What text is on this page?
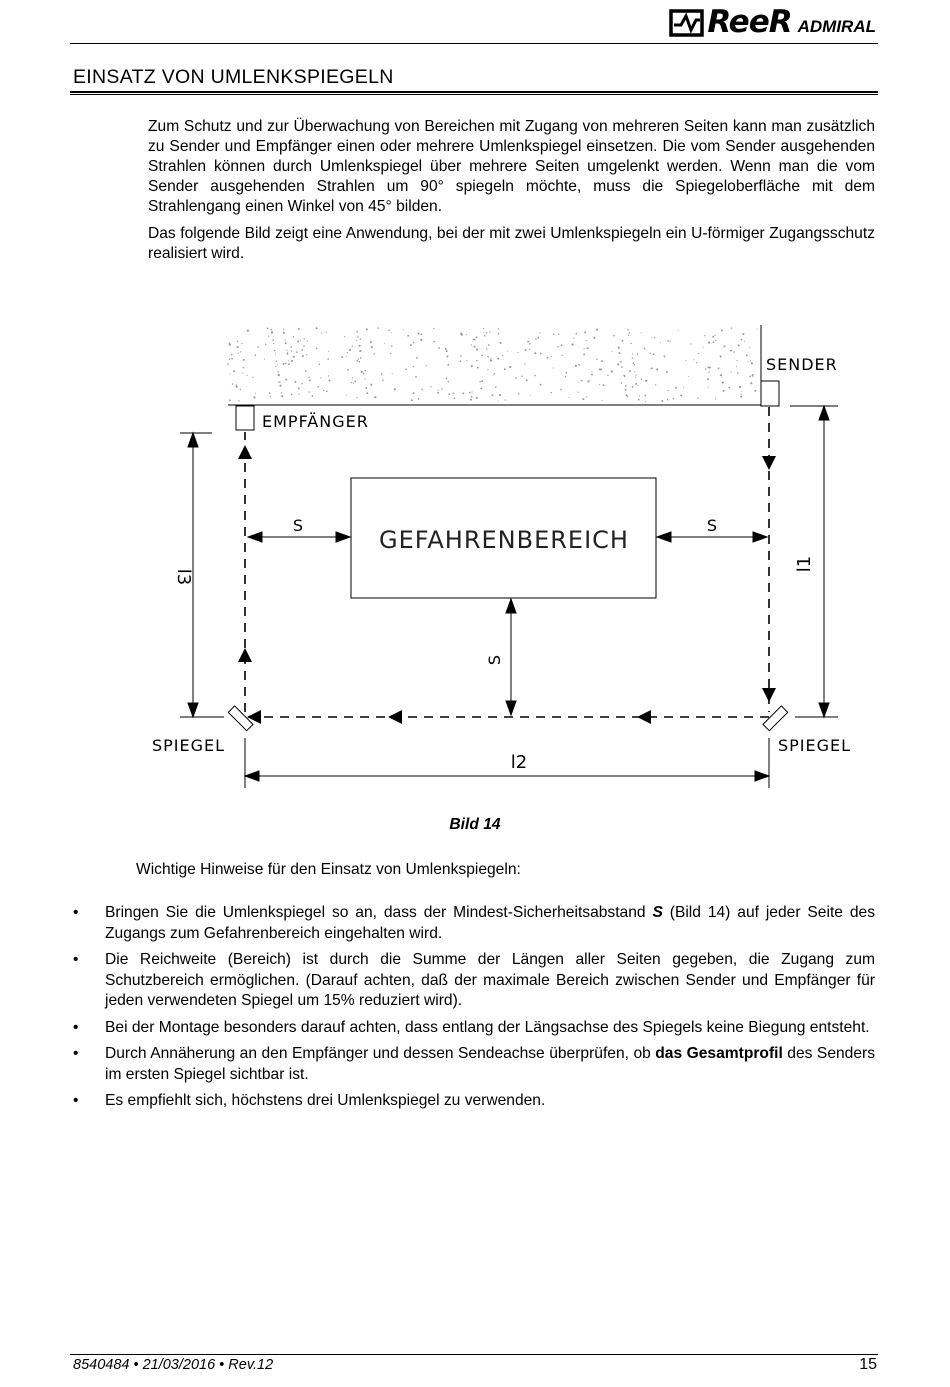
ReeR ADMIRAL
EINSATZ VON UMLENKSPIEGELN
Zum Schutz und zur Überwachung von Bereichen mit Zugang von mehreren Seiten kann man zusätzlich zu Sender und Empfänger einen oder mehrere Umlenkspiegel einsetzen. Die vom Sender ausgehenden Strahlen können durch Umlenkspiegel über mehrere Seiten umgelenkt werden. Wenn man die vom Sender ausgehenden Strahlen um 90° spiegeln möchte, muss die Spiegeloberfläche mit dem Strahlengang einen Winkel von 45° bilden.
Das folgende Bild zeigt eine Anwendung, bei der mit zwei Umlenkspiegeln ein U-förmiger Zugangsschutz realisiert wird.
SENDER
EMPFÄNGER
SPIEGEL	SPIEGEL
GEFAHRENBEREICH
S	S
S
l3
l1
l2
Bild 14
Wichtige Hinweise für den Einsatz von Umlenkspiegeln:
• Bringen Sie die Umlenkspiegel so an, dass der Mindest-Sicherheitsabstand S (Bild 14) auf jeder Seite des Zugangs zum Gefahrenbereich eingehalten wird.
• Die Reichweite (Bereich) ist durch die Summe der Längen aller Seiten gegeben, die Zugang zum Schutzbereich ermöglichen. (Darauf achten, daß der maximale Bereich zwischen Sender und Empfänger für jeden verwendeten Spiegel um 15% reduziert wird).
• Bei der Montage besonders darauf achten, dass entlang der Längsachse des Spiegels keine Biegung entsteht.
• Durch Annäherung an den Empfänger und dessen Sendeachse überprüfen, ob das Gesamtprofil des Senders im ersten Spiegel sichtbar ist.
• Es empfiehlt sich, höchstens drei Umlenkspiegel zu verwenden.
8540484 • 21/03/2016 • Rev.12	15
